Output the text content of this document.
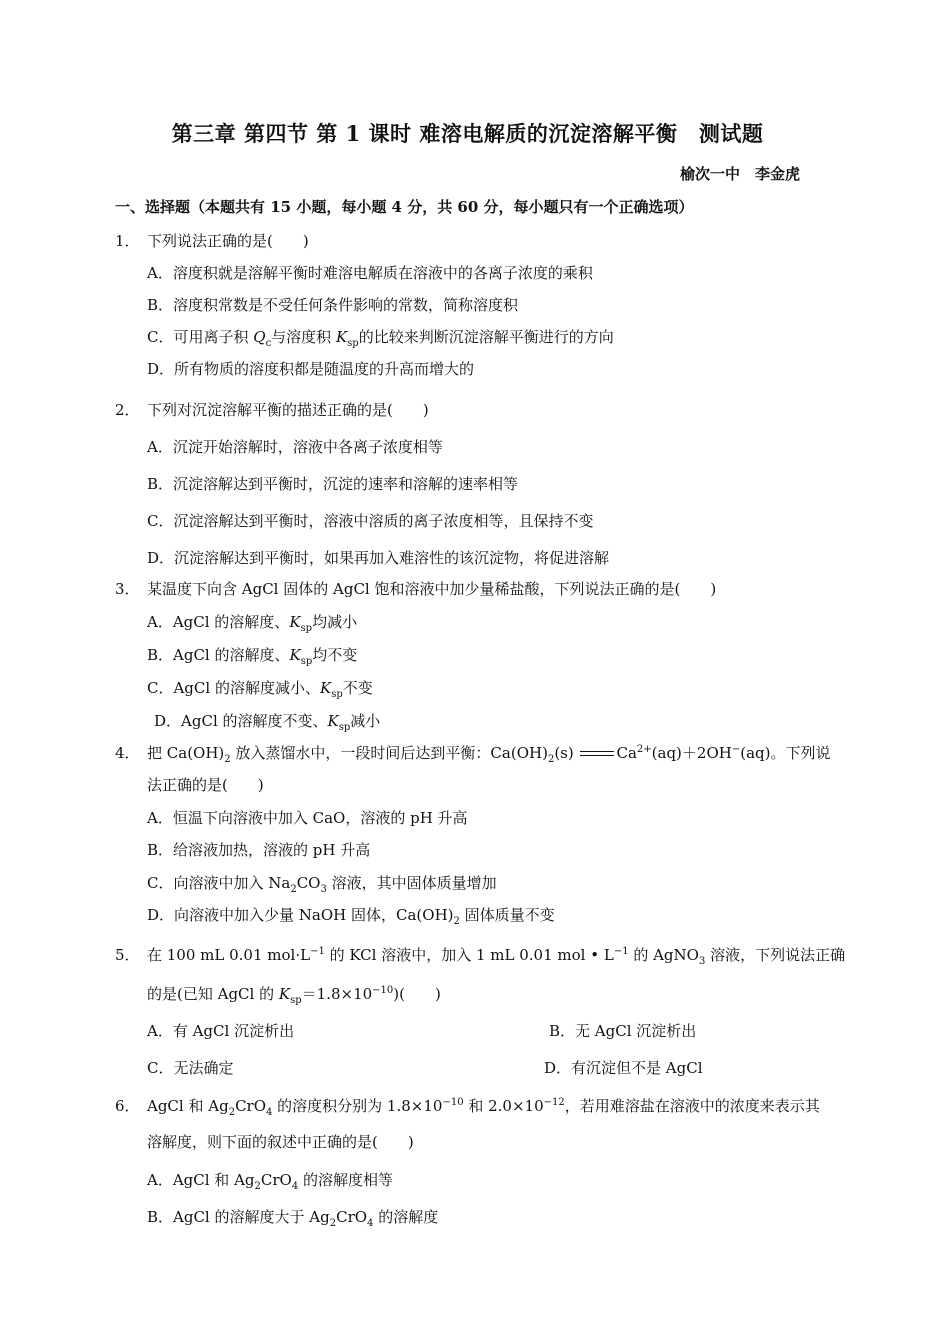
第三章 第四节 第 1 课时 难溶电解质的沉淀溶解平衡　测试题
榆次一中　李金虎
一、选择题（本题共有 15 小题，每小题 4 分，共 60 分，每小题只有一个正确选项）
1． 下列说法正确的是(　　)
A．溶度积就是溶解平衡时难溶电解质在溶液中的各离子浓度的乘积
B．溶度积常数是不受任何条件影响的常数，简称溶度积
C．可用离子积 $Q_c$与溶度积 $K_{sp}$的比较来判断沉淀溶解平衡进行的方向
D．所有物质的溶度积都是随温度的升高而增大的
2． 下列对沉淀溶解平衡的描述正确的是(　　)
A．沉淀开始溶解时，溶液中各离子浓度相等
B．沉淀溶解达到平衡时，沉淀的速率和溶解的速率相等
C．沉淀溶解达到平衡时，溶液中溶质的离子浓度相等，且保持不变
D．沉淀溶解达到平衡时，如果再加入难溶性的该沉淀物，将促进溶解
3． 某温度下向含 AgCl 固体的 AgCl 饱和溶液中加少量稀盐酸，下列说法正确的是(　　)
A．AgCl 的溶解度、$K_{sp}$均减小
B．AgCl 的溶解度、$K_{sp}$均不变
C．AgCl 的溶解度减小、$K_{sp}$不变
D．AgCl 的溶解度不变、$K_{sp}$减小
4． 把 $Ca(OH)_2$ 放入蒸馏水中，一段时间后达到平衡：$Ca(OH)_2(s)$	$Ca^{2+}(aq)+2OH^-(aq)$。下列说
法正确的是(　　)
A．恒温下向溶液中加入 CaO，溶液的 pH 升高
B．给溶液加热，溶液的 pH 升高
C．向溶液中加入 $Na_2CO_3$ 溶液，其中固体质量增加
D．向溶液中加入少量 NaOH 固体，$Ca(OH)_2$ 固体质量不变
5． 在 100 mL 0.01 $mol\cdot L^{-1}$ 的 KCl 溶液中，加入 1 mL 0.01 mol • $L^{-1}$ 的 AgNO$_3$ 溶液，下列说法正确
的是(已知 AgCl 的 $K_{sp}=1.8\times 10^{-10}$)(　　)
A．有 AgCl 沉淀析出	B．无 AgCl 沉淀析出
C．无法确定	D．有沉淀但不是 AgCl
6． AgCl 和 $Ag_2CrO_4$ 的溶度积分别为 $1.8\times 10^{-10}$ 和 $2.0\times 10^{-12}$，若用难溶盐在溶液中的浓度来表示其
溶解度，则下面的叙述中正确的是(　　)
A．AgCl 和 $Ag_2CrO_4$ 的溶解度相等
B．AgCl 的溶解度大于 $Ag_2CrO_4$ 的溶解度
